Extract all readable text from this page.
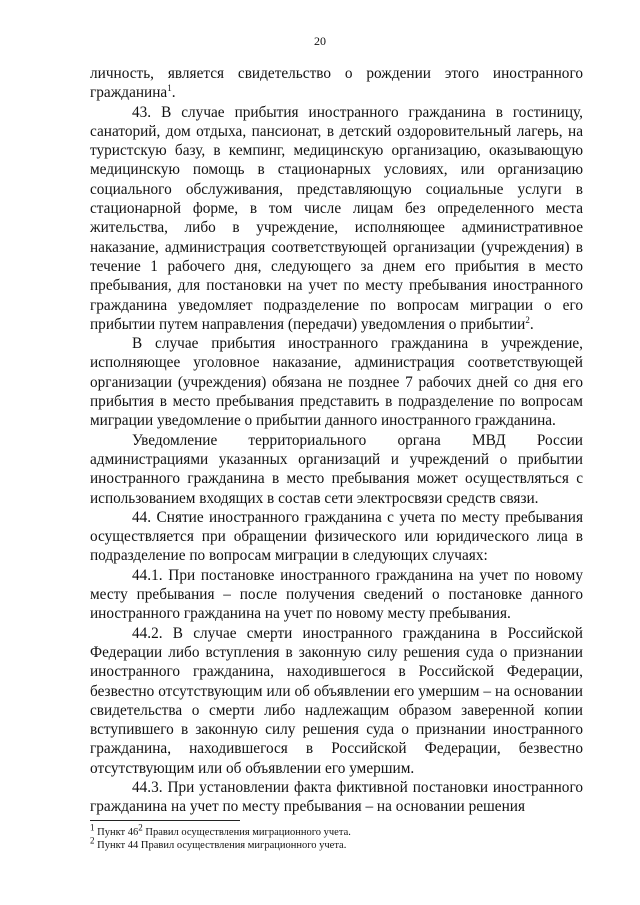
20

личность, является свидетельство о рождении этого иностранного гражданина$^1$.

43. В случае прибытия иностранного гражданина в гостиницу, санаторий, дом отдыха, пансионат, в детский оздоровительный лагерь, на туристскую базу, в кемпинг, медицинскую организацию, оказывающую медицинскую помощь в стационарных условиях, или организацию социального обслуживания, представляющую социальные услуги в стационарной форме, в том числе лицам без определенного места жительства, либо в учреждение, исполняющее административное наказание, администрация соответствующей организации (учреждения) в течение 1 рабочего дня, следующего за днем его прибытия в место пребывания, для постановки на учет по месту пребывания иностранного гражданина уведомляет подразделение по вопросам миграции о его прибытии путем направления (передачи) уведомления о прибытии$^2$.

В случае прибытия иностранного гражданина в учреждение, исполняющее уголовное наказание, администрация соответствующей организации (учреждения) обязана не позднее 7 рабочих дней со дня его прибытия в место пребывания представить в подразделение по вопросам миграции уведомление о прибытии данного иностранного гражданина.

Уведомление территориального органа МВД России администрациями указанных организаций и учреждений о прибытии иностранного гражданина в место пребывания может осуществляться с использованием входящих в состав сети электросвязи средств связи.

44. Снятие иностранного гражданина с учета по месту пребывания осуществляется при обращении физического или юридического лица в подразделение по вопросам миграции в следующих случаях:

44.1. При постановке иностранного гражданина на учет по новому месту пребывания – после получения сведений о постановке данного иностранного гражданина на учет по новому месту пребывания.

44.2. В случае смерти иностранного гражданина в Российской Федерации либо вступления в законную силу решения суда о признании иностранного гражданина, находившегося в Российской Федерации, безвестно отсутствующим или об объявлении его умершим – на основании свидетельства о смерти либо надлежащим образом заверенной копии вступившего в законную силу решения суда о признании иностранного гражданина, находившегося в Российской Федерации, безвестно отсутствующим или об объявлении его умершим.

44.3. При установлении факта фиктивной постановки иностранного гражданина на учет по месту пребывания – на основании решения

$^1$ Пункт $46^2$ Правил осуществления миграционного учета.

$^2$ Пункт 44 Правил осуществления миграционного учета.
